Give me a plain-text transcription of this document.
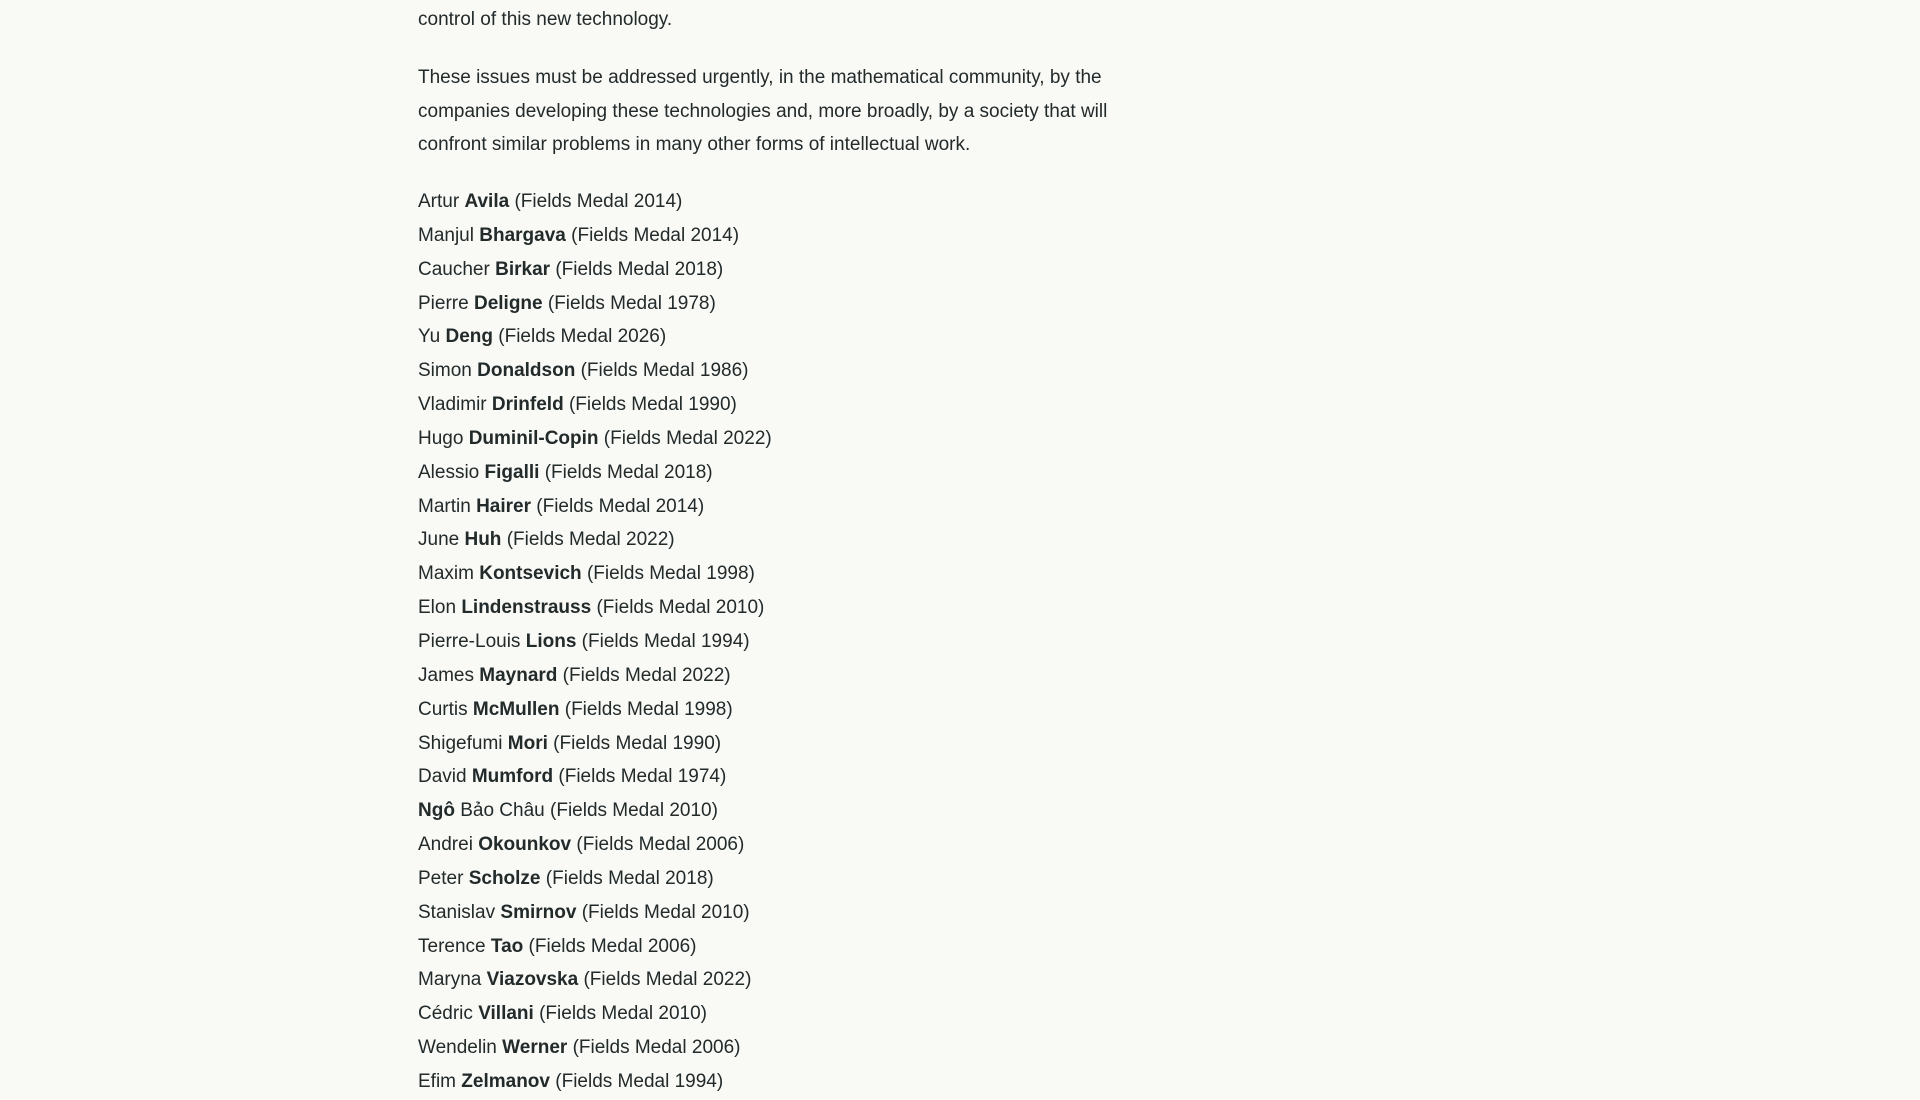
control of this new technology.

These issues must be addressed urgently, in the mathematical community, by the companies developing these technologies and, more broadly, by a society that will confront similar problems in many other forms of intellectual work.

Artur Avila (Fields Medal 2014)
Manjul Bhargava (Fields Medal 2014)
Caucher Birkar (Fields Medal 2018)
Pierre Deligne (Fields Medal 1978)
Yu Deng (Fields Medal 2026)
Simon Donaldson (Fields Medal 1986)
Vladimir Drinfeld (Fields Medal 1990)
Hugo Duminil-Copin (Fields Medal 2022)
Alessio Figalli (Fields Medal 2018)
Martin Hairer (Fields Medal 2014)
June Huh (Fields Medal 2022)
Maxim Kontsevich (Fields Medal 1998)
Elon Lindenstrauss (Fields Medal 2010)
Pierre-Louis Lions (Fields Medal 1994)
James Maynard (Fields Medal 2022)
Curtis McMullen (Fields Medal 1998)
Shigefumi Mori (Fields Medal 1990)
David Mumford (Fields Medal 1974)
Ngô Bảo Châu (Fields Medal 2010)
Andrei Okounkov (Fields Medal 2006)
Peter Scholze (Fields Medal 2018)
Stanislav Smirnov (Fields Medal 2010)
Terence Tao (Fields Medal 2006)
Maryna Viazovska (Fields Medal 2022)
Cédric Villani (Fields Medal 2010)
Wendelin Werner (Fields Medal 2006)
Efim Zelmanov (Fields Medal 1994)
